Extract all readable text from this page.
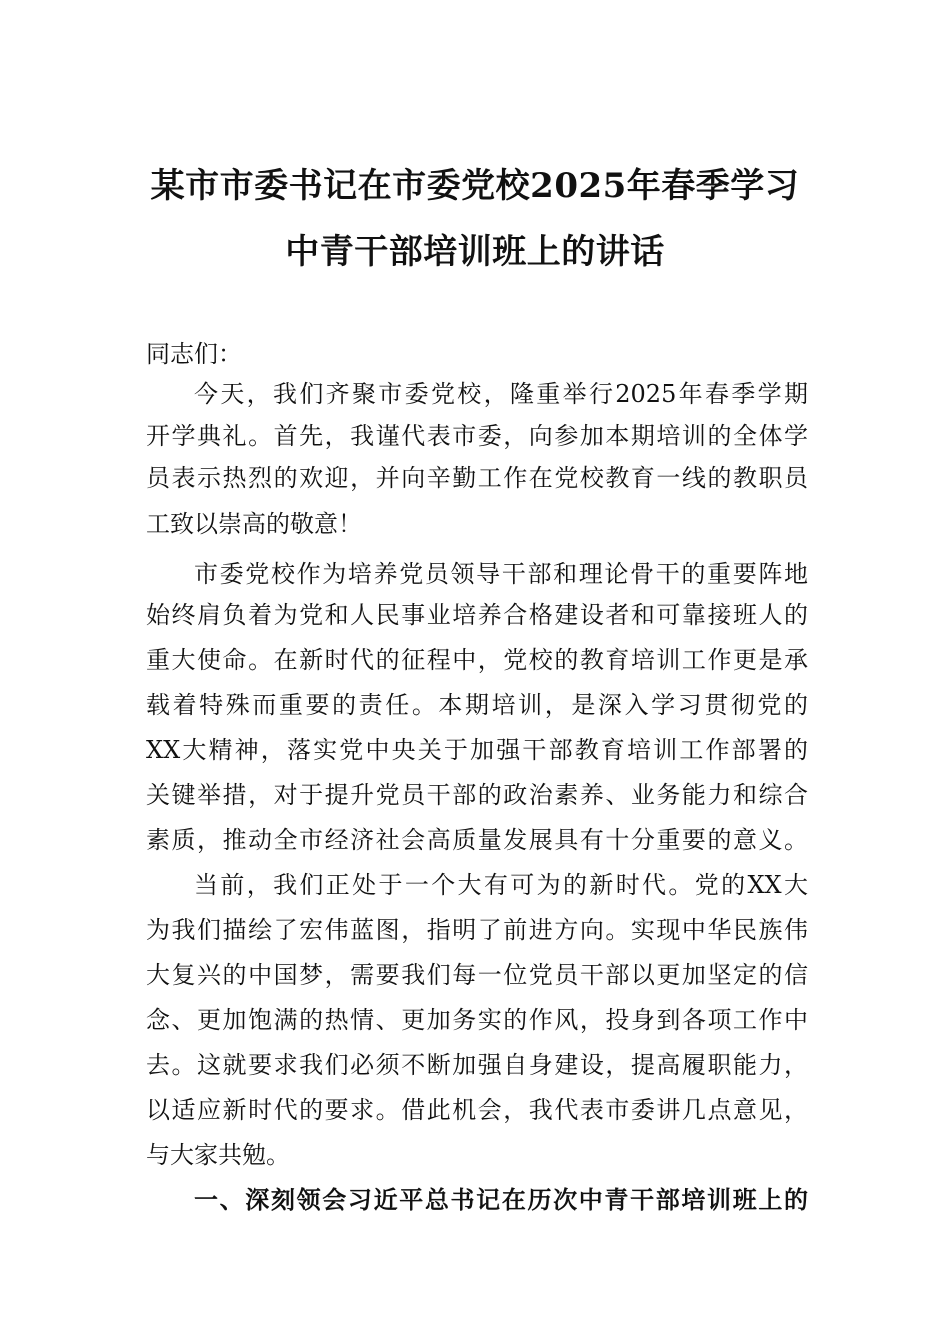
某市市委书记在市委党校2025年春季学习
中青干部培训班上的讲话

同志们：

今天，我们齐聚市委党校，隆重举行2025年春季学期

开学典礼。首先，我谨代表市委，向参加本期培训的全体学

员表示热烈的欢迎，并向辛勤工作在党校教育一线的教职员

工致以崇高的敬意！

市委党校作为培养党员领导干部和理论骨干的重要阵地

始终肩负着为党和人民事业培养合格建设者和可靠接班人的

重大使命。在新时代的征程中，党校的教育培训工作更是承

载着特殊而重要的责任。本期培训，是深入学习贯彻党的

XX大精神，落实党中央关于加强干部教育培训工作部署的

关键举措，对于提升党员干部的政治素养、业务能力和综合

素质，推动全市经济社会高质量发展具有十分重要的意义。

当前，我们正处于一个大有可为的新时代。党的XX大

为我们描绘了宏伟蓝图，指明了前进方向。实现中华民族伟

大复兴的中国梦，需要我们每一位党员干部以更加坚定的信

念、更加饱满的热情、更加务实的作风，投身到各项工作中

去。这就要求我们必须不断加强自身建设，提高履职能力，

以适应新时代的要求。借此机会，我代表市委讲几点意见，

与大家共勉。

一、深刻领会习近平总书记在历次中青干部培训班上的
